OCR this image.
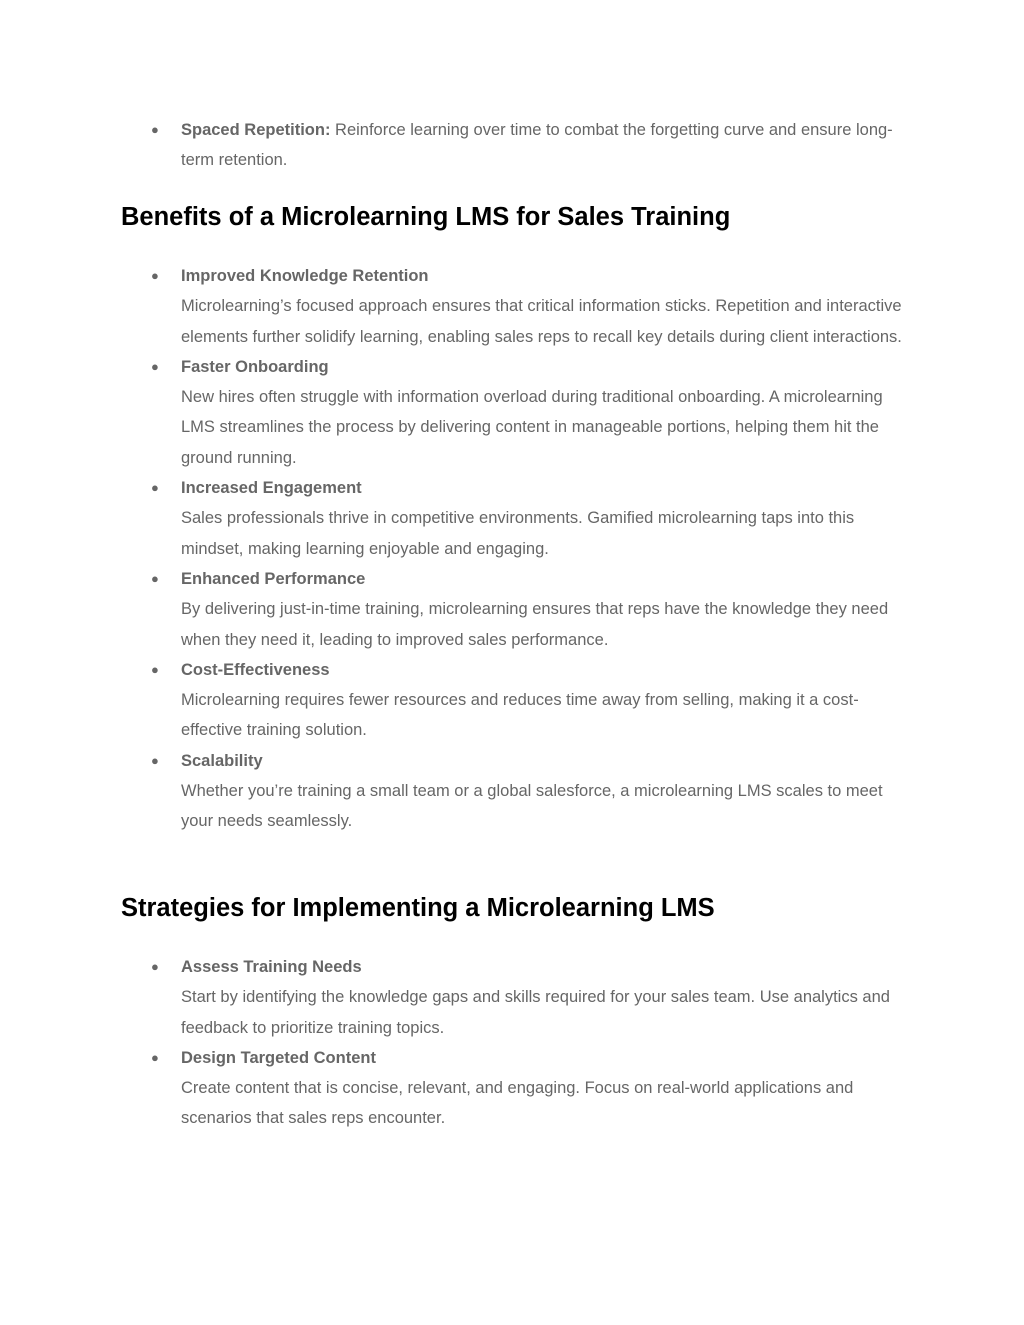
● Spaced Repetition: Reinforce learning over time to combat the forgetting curve and ensure long-term retention.
Benefits of a Microlearning LMS for Sales Training
● Improved Knowledge Retention
Microlearning’s focused approach ensures that critical information sticks. Repetition and interactive elements further solidify learning, enabling sales reps to recall key details during client interactions.
● Faster Onboarding
New hires often struggle with information overload during traditional onboarding. A microlearning LMS streamlines the process by delivering content in manageable portions, helping them hit the ground running.
● Increased Engagement
Sales professionals thrive in competitive environments. Gamified microlearning taps into this mindset, making learning enjoyable and engaging.
● Enhanced Performance
By delivering just-in-time training, microlearning ensures that reps have the knowledge they need when they need it, leading to improved sales performance.
● Cost-Effectiveness
Microlearning requires fewer resources and reduces time away from selling, making it a cost-effective training solution.
● Scalability
Whether you’re training a small team or a global salesforce, a microlearning LMS scales to meet your needs seamlessly.
Strategies for Implementing a Microlearning LMS
● Assess Training Needs
Start by identifying the knowledge gaps and skills required for your sales team. Use analytics and feedback to prioritize training topics.
● Design Targeted Content
Create content that is concise, relevant, and engaging. Focus on real-world applications and scenarios that sales reps encounter.
